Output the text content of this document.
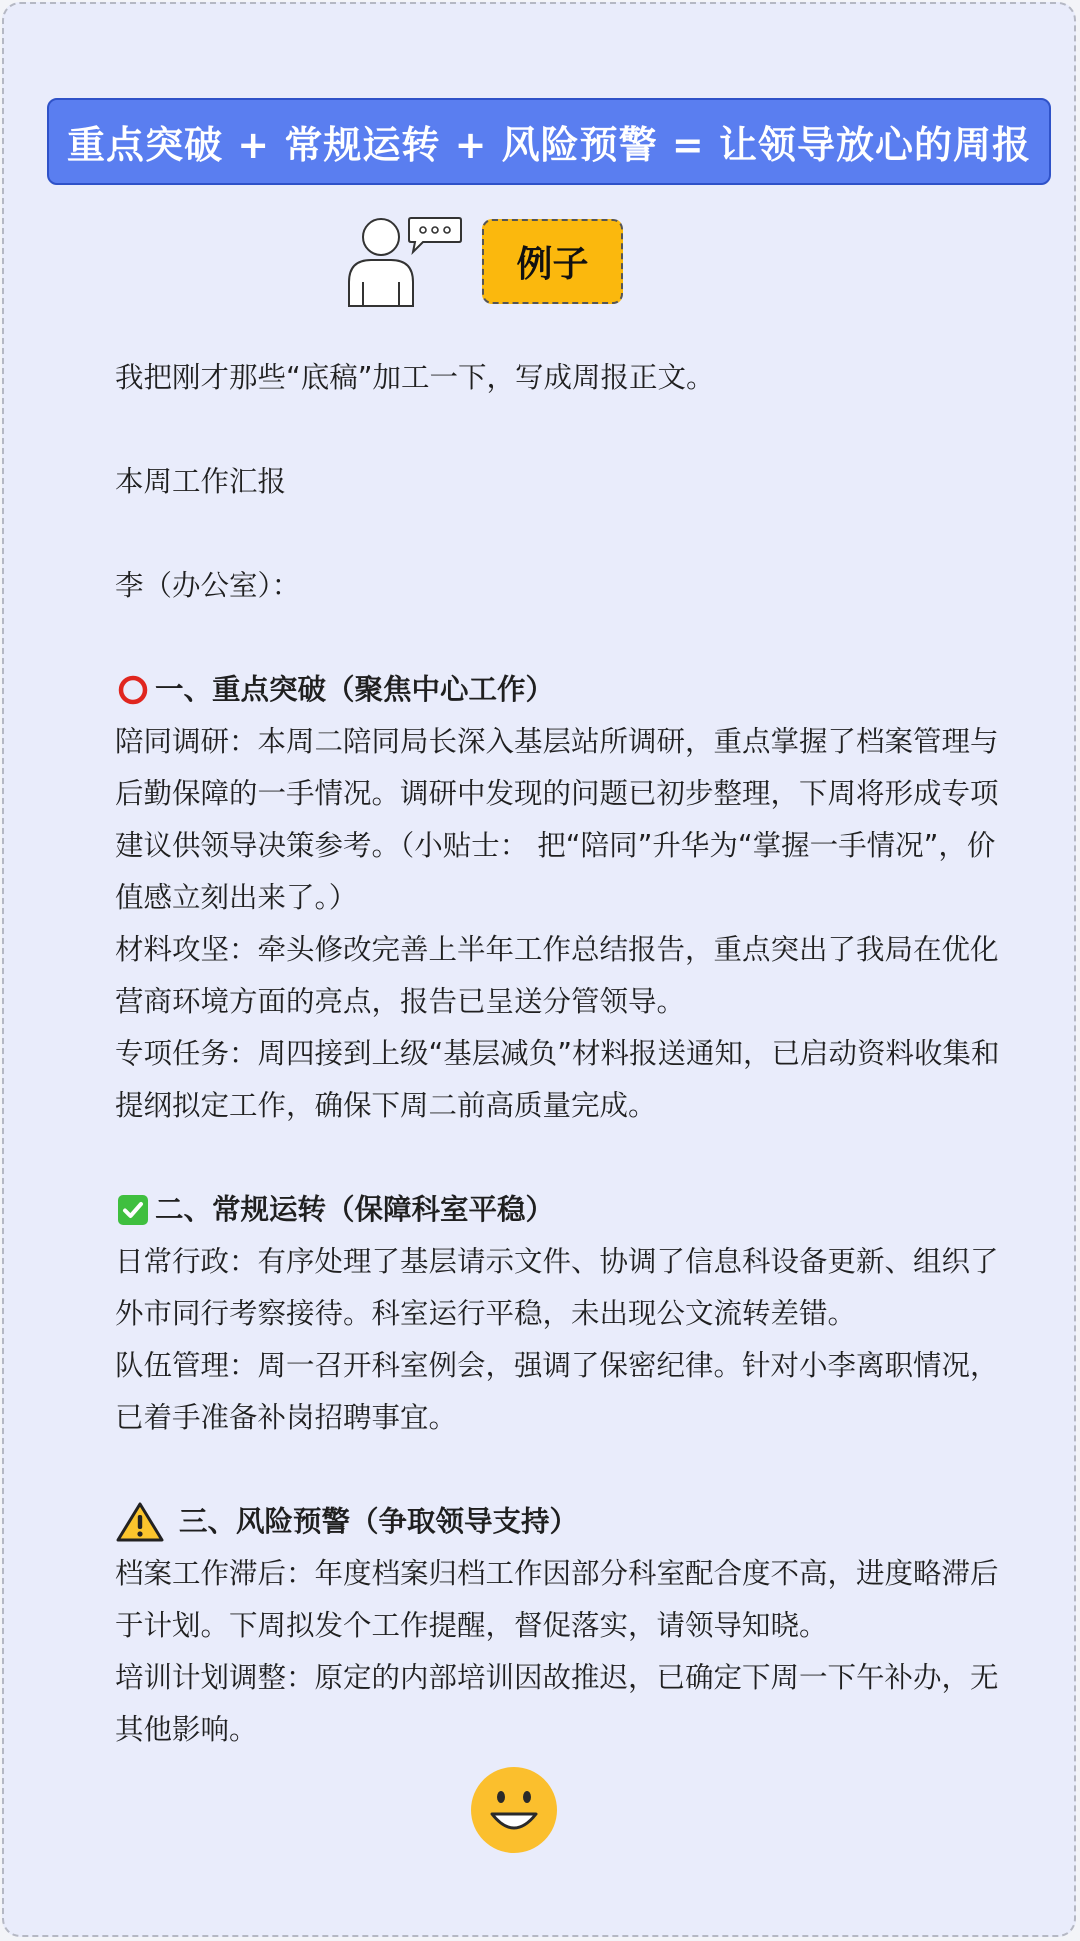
重点突破 + 常规运转 + 风险预警 = 让领导放心的周报
例子

我把刚才那些“底稿”加工一下，写成周报正文。

本周工作汇报

李（办公室）：

一、重点突破（聚焦中心工作）

陪同调研：本周二陪同局长深入基层站所调研，重点掌握了档案管理与后勤保障的一手情况。调研中发现的问题已初步整理，下周将形成专项建议供领导决策参考。（小贴士： 把“陪同”升华为“掌握一手情况”，价值感立刻出来了。）

材料攻坚：牵头修改完善上半年工作总结报告，重点突出了我局在优化营商环境方面的亮点，报告已呈送分管领导。

专项任务：周四接到上级“基层减负”材料报送通知，已启动资料收集和提纲拟定工作，确保下周二前高质量完成。

二、常规运转（保障科室平稳）

日常行政：有序处理了基层请示文件、协调了信息科设备更新、组织了外市同行考察接待。科室运行平稳，未出现公文流转差错。

队伍管理：周一召开科室例会，强调了保密纪律。针对小李离职情况，已着手准备补岗招聘事宜。

三、风险预警（争取领导支持）

档案工作滞后：年度档案归档工作因部分科室配合度不高，进度略滞后于计划。下周拟发个工作提醒，督促落实，请领导知晓。

培训计划调整：原定的内部培训因故推迟，已确定下周一下午补办，无其他影响。
